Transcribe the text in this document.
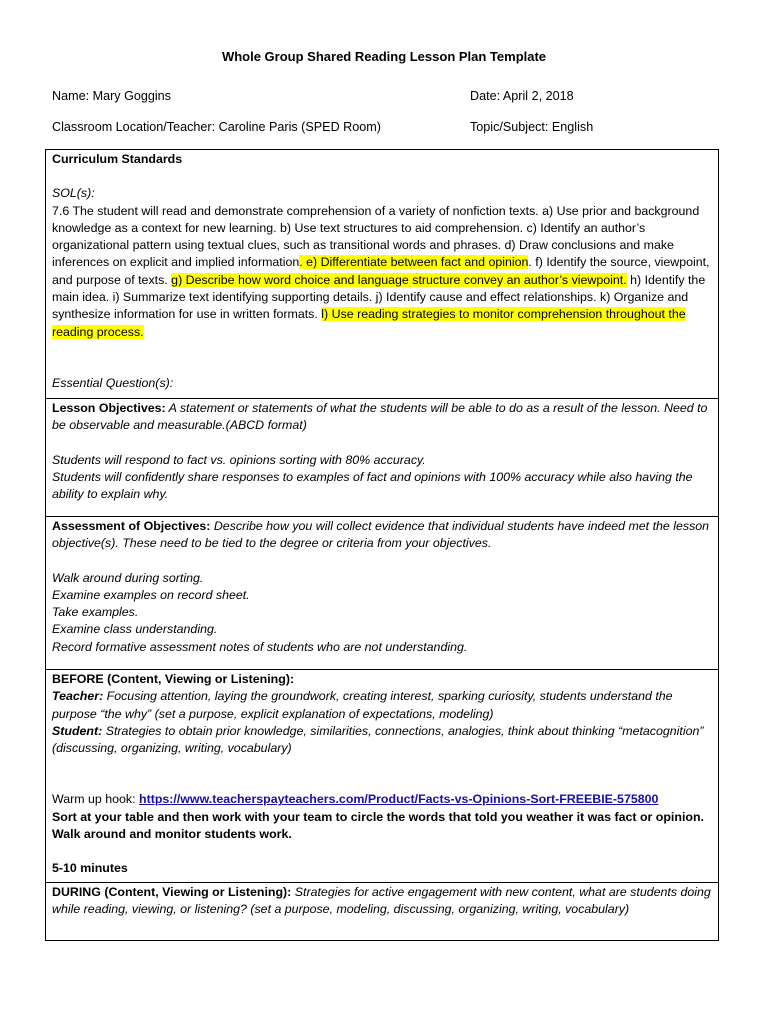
Whole Group Shared Reading Lesson Plan Template
Name: Mary Goggins	Date: April 2, 2018
Classroom Location/Teacher: Caroline Paris (SPED Room)	Topic/Subject: English
Curriculum Standards
SOL(s):
7.6 The student will read and demonstrate comprehension of a variety of nonfiction texts. a) Use prior and background knowledge as a context for new learning. b) Use text structures to aid comprehension. c) Identify an author’s organizational pattern using textual clues, such as transitional words and phrases. d) Draw conclusions and make inferences on explicit and implied information. e) Differentiate between fact and opinion. f) Identify the source, viewpoint, and purpose of texts. g) Describe how word choice and language structure convey an author’s viewpoint. h) Identify the main idea. i) Summarize text identifying supporting details. j) Identify cause and effect relationships. k) Organize and synthesize information for use in written formats. l) Use reading strategies to monitor comprehension throughout the reading process.
Essential Question(s):

Lesson Objectives: A statement or statements of what the students will be able to do as a result of the lesson. Need to be observable and measurable.(ABCD format)
Students will respond to fact vs. opinions sorting with 80% accuracy.
Students will confidently share responses to examples of fact and opinions with 100% accuracy while also having the ability to explain why.

Assessment of Objectives: Describe how you will collect evidence that individual students have indeed met the lesson objective(s). These need to be tied to the degree or criteria from your objectives.
Walk around during sorting.
Examine examples on record sheet.
Take examples.
Examine class understanding.
Record formative assessment notes of students who are not understanding.

BEFORE (Content, Viewing or Listening):
Teacher: Focusing attention, laying the groundwork, creating interest, sparking curiosity, students understand the purpose “the why” (set a purpose, explicit explanation of expectations, modeling)
Student: Strategies to obtain prior knowledge, similarities, connections, analogies, think about thinking “metacognition” (discussing, organizing, writing, vocabulary)
Warm up hook: https://www.teacherspayteachers.com/Product/Facts-vs-Opinions-Sort-FREEBIE-575800
Sort at your table and then work with your team to circle the words that told you weather it was fact or opinion.
Walk around and monitor students work.
5-10 minutes

DURING (Content, Viewing or Listening): Strategies for active engagement with new content, what are students doing while reading, viewing, or listening? (set a purpose, modeling, discussing, organizing, writing, vocabulary)
